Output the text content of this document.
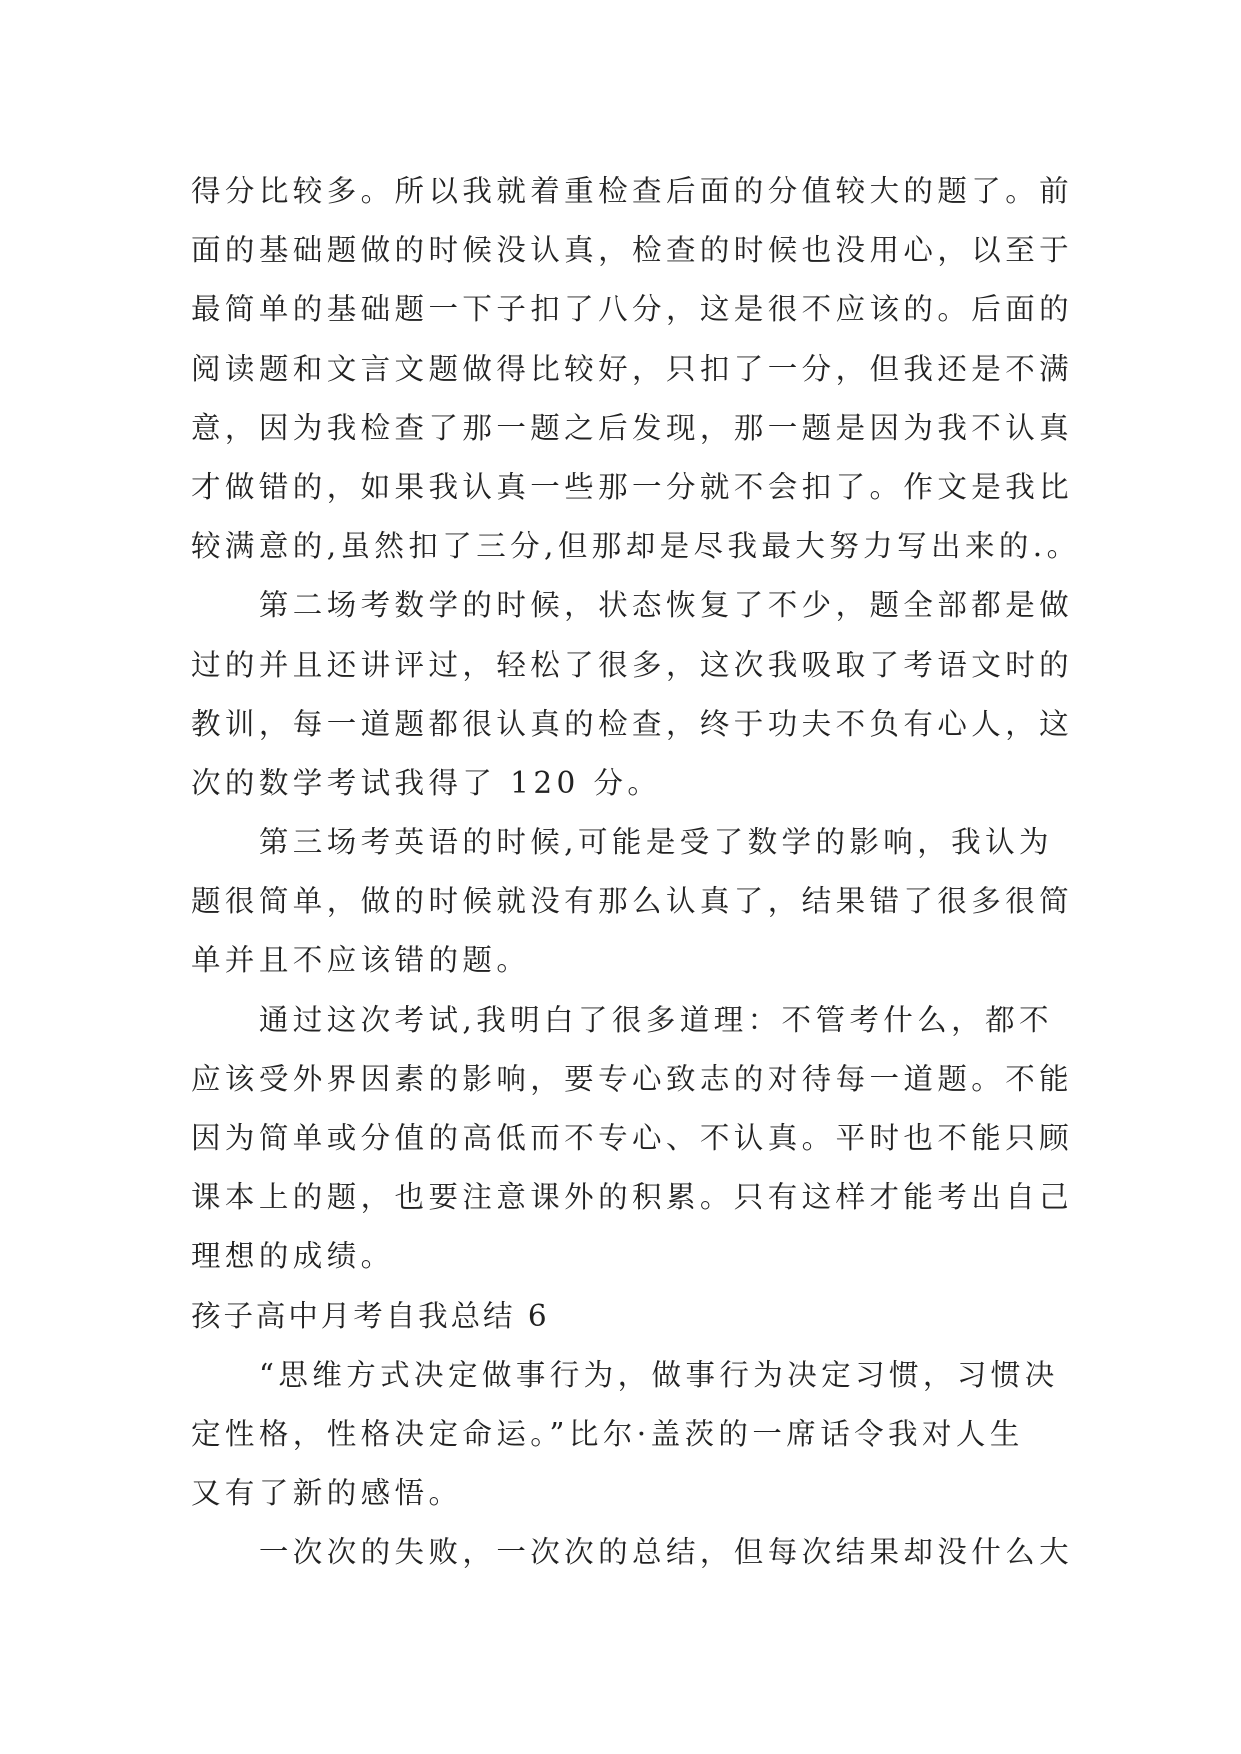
得分比较多。所以我就着重检查后面的分值较大的题了。前
面的基础题做的时候没认真，检查的时候也没用心，以至于
最简单的基础题一下子扣了八分，这是很不应该的。后面的
阅读题和文言文题做得比较好，只扣了一分，但我还是不满
意，因为我检查了那一题之后发现，那一题是因为我不认真
才做错的，如果我认真一些那一分就不会扣了。作文是我比
较满意的,虽然扣了三分,但那却是尽我最大努力写出来的.。
　　第二场考数学的时候，状态恢复了不少，题全部都是做
过的并且还讲评过，轻松了很多，这次我吸取了考语文时的
教训，每一道题都很认真的检查，终于功夫不负有心人，这
次的数学考试我得了 120 分。
　　第三场考英语的时候,可能是受了数学的影响，我认为
题很简单，做的时候就没有那么认真了，结果错了很多很简
单并且不应该错的题。
　　通过这次考试,我明白了很多道理：不管考什么，都不
应该受外界因素的影响，要专心致志的对待每一道题。不能
因为简单或分值的高低而不专心、不认真。平时也不能只顾
课本上的题，也要注意课外的积累。只有这样才能考出自己
理想的成绩。
孩子高中月考自我总结 6
　　“思维方式决定做事行为，做事行为决定习惯，习惯决
定性格，性格决定命运。”比尔·盖茨的一席话令我对人生
又有了新的感悟。
　　一次次的失败，一次次的总结，但每次结果却没什么大
